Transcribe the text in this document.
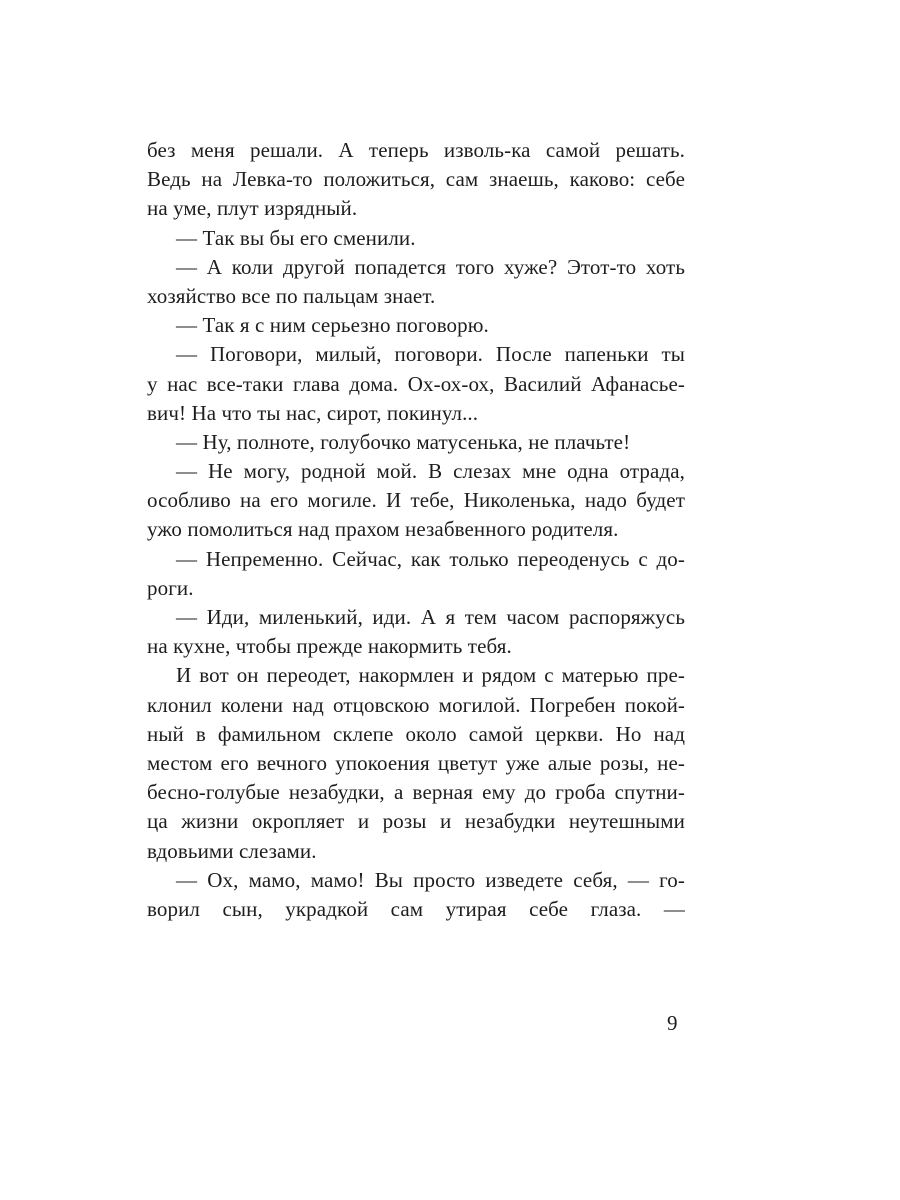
без меня решали. А теперь изволь-ка самой решать.
Ведь на Левка-то положиться, сам знаешь, каково: себе
на уме, плут изрядный.
— Так вы бы его сменили.
— А коли другой попадется того хуже? Этот-то хоть
хозяйство все по пальцам знает.
— Так я с ним серьезно поговорю.
— Поговори, милый, поговори. После папеньки ты
у нас все-таки глава дома. Ох-ох-ох, Василий Афанасье-
вич! На что ты нас, сирот, покинул...
— Ну, полноте, голубочко матусенька, не плачьте!
— Не могу, родной мой. В слезах мне одна отрада,
особливо на его могиле. И тебе, Николенька, надо будет
ужо помолиться над прахом незабвенного родителя.
— Непременно. Сейчас, как только переоденусь с до-
роги.
— Иди, миленький, иди. А я тем часом распоряжусь
на кухне, чтобы прежде накормить тебя.
И вот он переодет, накормлен и рядом с матерью пре-
клонил колени над отцовскою могилой. Погребен покой-
ный в фамильном склепе около самой церкви. Но над
местом его вечного упокоения цветут уже алые розы, не-
бесно-голубые незабудки, а верная ему до гроба спутни-
ца жизни окропляет и розы и незабудки неутешными
вдовьими слезами.
— Ох, мамо, мамо! Вы просто изведете себя, — го-
ворил сын, украдкой сам утирая себе глаза. —
9
